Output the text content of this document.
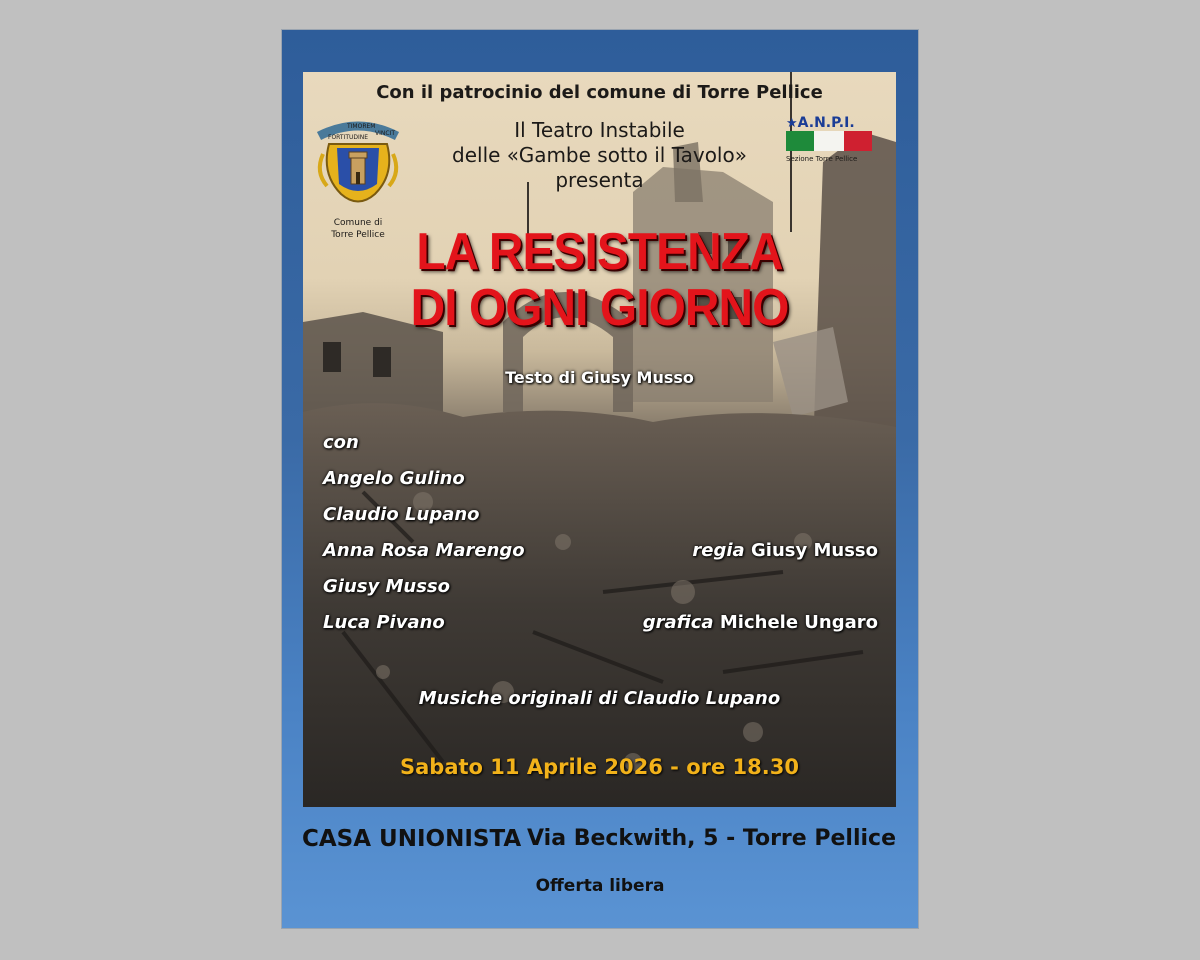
Con il patrocinio del comune di Torre Pellice
FORTITUDINE
TIMOREM
VINCIT
Comune di
Torre Pellice
★A.N.P.I.
Sezione Torre Pellice
Il Teatro Instabile
delle «Gambe sotto il Tavolo»
presenta
LA RESISTENZA
DI OGNI GIORNO
Testo di Giusy Musso
con
Angelo Gulino
Claudio Lupano
Anna Rosa Marengo
Giusy Musso
Luca Pivano
regia Giusy Musso
grafica Michele Ungaro
Musiche originali di Claudio Lupano
Sabato 11 Aprile 2026 - ore 18.30
CASA UNIONISTA Via Beckwith, 5 - Torre Pellice
Offerta libera
